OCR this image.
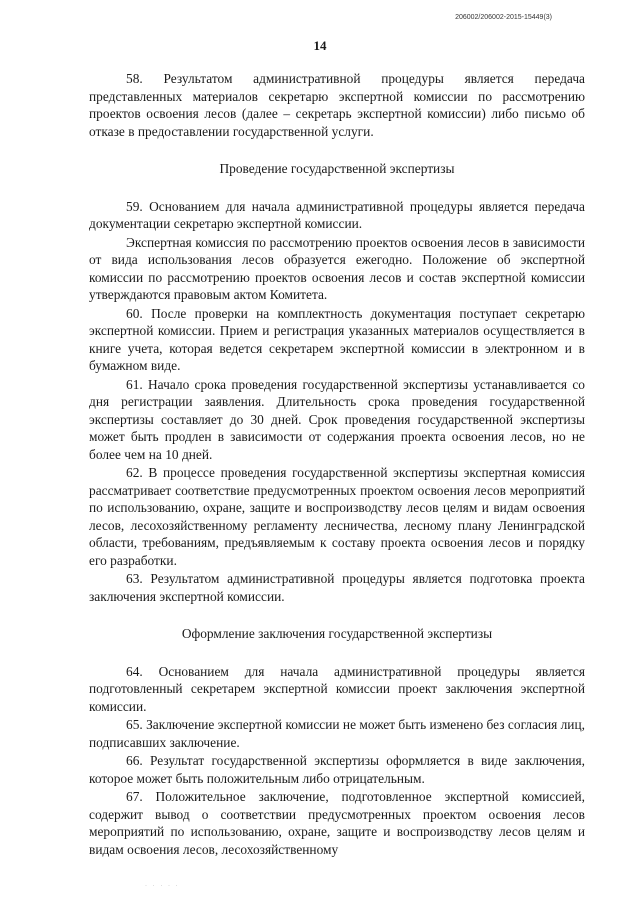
206002/206002-2015-15449(3)
14

58. Результатом административной процедуры является передача представленных материалов секретарю экспертной комиссии по рассмотрению проектов освоения лесов (далее – секретарь экспертной комиссии) либо письмо об отказе в предоставлении государственной услуги.

Проведение государственной экспертизы

59. Основанием для начала административной процедуры является передача документации секретарю экспертной комиссии.

Экспертная комиссия по рассмотрению проектов освоения лесов в зависимости от вида использования лесов образуется ежегодно. Положение об экспертной комиссии по рассмотрению проектов освоения лесов и состав экспертной комиссии утверждаются правовым актом Комитета.

60. После проверки на комплектность документация поступает секретарю экспертной комиссии. Прием и регистрация указанных материалов осуществляется в книге учета, которая ведется секретарем экспертной комиссии в электронном и в бумажном виде.

61. Начало срока проведения государственной экспертизы устанавливается со дня регистрации заявления. Длительность срока проведения государственной экспертизы составляет до 30 дней. Срок проведения государственной экспертизы может быть продлен в зависимости от содержания проекта освоения лесов, но не более чем на 10 дней.

62. В процессе проведения государственной экспертизы экспертная комиссия рассматривает соответствие предусмотренных проектом освоения лесов мероприятий по использованию, охране, защите и воспроизводству лесов целям и видам освоения лесов, лесохозяйственному регламенту лесничества, лесному плану Ленинградской области, требованиям, предъявляемым к составу проекта освоения лесов и порядку его разработки.

63. Результатом административной процедуры является подготовка проекта заключения экспертной комиссии.

Оформление заключения государственной экспертизы

64. Основанием для начала административной процедуры является подготовленный секретарем экспертной комиссии проект заключения экспертной комиссии.

65. Заключение экспертной комиссии не может быть изменено без согласия лиц, подписавших заключение.

66. Результат государственной экспертизы оформляется в виде заключения, которое может быть положительным либо отрицательным.

67. Положительное заключение, подготовленное экспертной комиссией, содержит вывод о соответствии предусмотренных проектом освоения лесов мероприятий по использованию, охране, защите и воспроизводству лесов целям и видам освоения лесов, лесохозяйственному

· · · · ·
